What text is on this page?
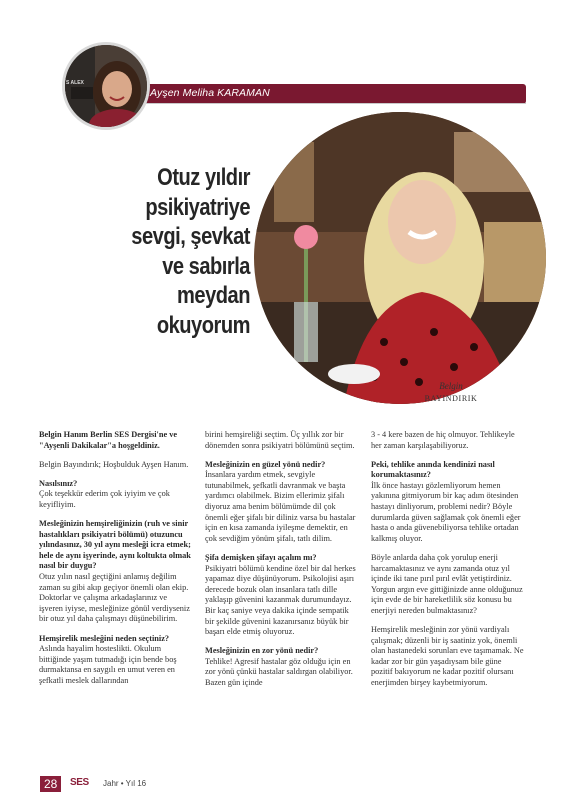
Ayşen Meliha KARAMAN
S ALEX
Otuz yıldır
psikiyatriye
sevgi, şevkat
ve sabırla
meydan
okuyorum
Belgin
BAYINDIRIK

Belgin Hanım Berlin SES Dergisi'ne ve "Ayşenli Dakikalar"a hoşgeldiniz.

Belgin Bayındırık; Hoşbulduk Ayşen Hanım.

Nasılsınız?
Çok teşekkür ederim çok iyiyim ve çok keyifliyim.

Mesleğinizin hemşireliğinizin (ruh ve sinir hastalıkları psikiyatri bölümü) otuzuncu yılındasınız, 30 yıl aynı mesleği icra etmek; hele de aynı işyerinde, aynı koltukta olmak nasıl bir duygu?
Otuz yılın nasıl geçtiğini anlamış değilim zaman su gibi akıp geçiyor önemli olan ekip. Doktorlar ve çalışma arkadaşlarınız ve işveren iyiyse, mesleğinize gönül verdiyseniz bir otuz yıl daha çalışmayı düşünebilirim.

Hemşirelik mesleğini neden seçtiniz?
Aslında hayalim hosteslikti. Okulum bittiğinde yaşım tutmadığı için bende boş durmaktansa en saygılı en umut veren en şefkatli meslek dallarından

birini hemşireliği seçtim. Üç yıllık zor bir dönemden sonra psikiyatri bölümünü seçtim.

Mesleğinizin en güzel yönü nedir?
İnsanlara yardım etmek, sevgiyle tutunabilmek, şefkatli davranmak ve başta yardımcı olabilmek. Bizim ellerimiz şifalı diyoruz ama benim bölümümde dil çok önemli eğer şifalı bir diliniz varsa bu hastalar için en kısa zamanda iyileşme demektir, en çok sevdiğim yönüm şifalı, tatlı dilim.

Şifa demişken şifayı açalım mı?
Psikiyatri bölümü kendine özel bir dal herkes yapamaz diye düşünüyorum. Psikolojisi aşırı derecede bozuk olan insanlara tatlı dille yaklaşıp güvenini kazanmak durumundayız. Bir kaç saniye veya dakika içinde sempatik bir şekilde güvenini kazanırsanız büyük bir başarı elde etmiş oluyoruz.

Mesleğinizin en zor yönü nedir?
Tehlike! Agresif hastalar göz olduğu için en zor yönü çünkü hastalar saldırgan olabiliyor. Bazen gün içinde

3 - 4 kere bazen de hiç olmuyor. Tehlikeyle her zaman karşılaşabiliyoruz.

Peki, tehlike anında kendinizi nasıl korumaktasınız?
İlk önce hastayı gözlemliyorum hemen yakınına gitmiyorum bir kaç adım ötesinden hastayı dinliyorum, problemi nedir? Böyle durumlarda güven sağlamak çok önemli eğer hasta o anda güvenebiliyorsa tehlike ortadan kalkmış oluyor.

Böyle anlarda daha çok yorulup enerji harcamaktasınız ve aynı zamanda otuz yıl içinde iki tane pırıl pırıl evlât yetiştirdiniz. Yorgun argın eve gittiğinizde anne olduğunuz için evde de bir hareketlilik söz konusu bu enerjiyi nereden bulmaktasınız?

Hemşirelik mesleğinin zor yönü vardiyalı çalışmak; düzenli bir iş saatiniz yok, önemli olan hastanedeki sorunları eve taşımamak. Ne kadar zor bir gün yaşadıysam bile güne pozitif bakıyorum ne kadar pozitif olursanı enerjimden birşey kaybetmiyorum.

28	SES Jahr • Yıl 16
